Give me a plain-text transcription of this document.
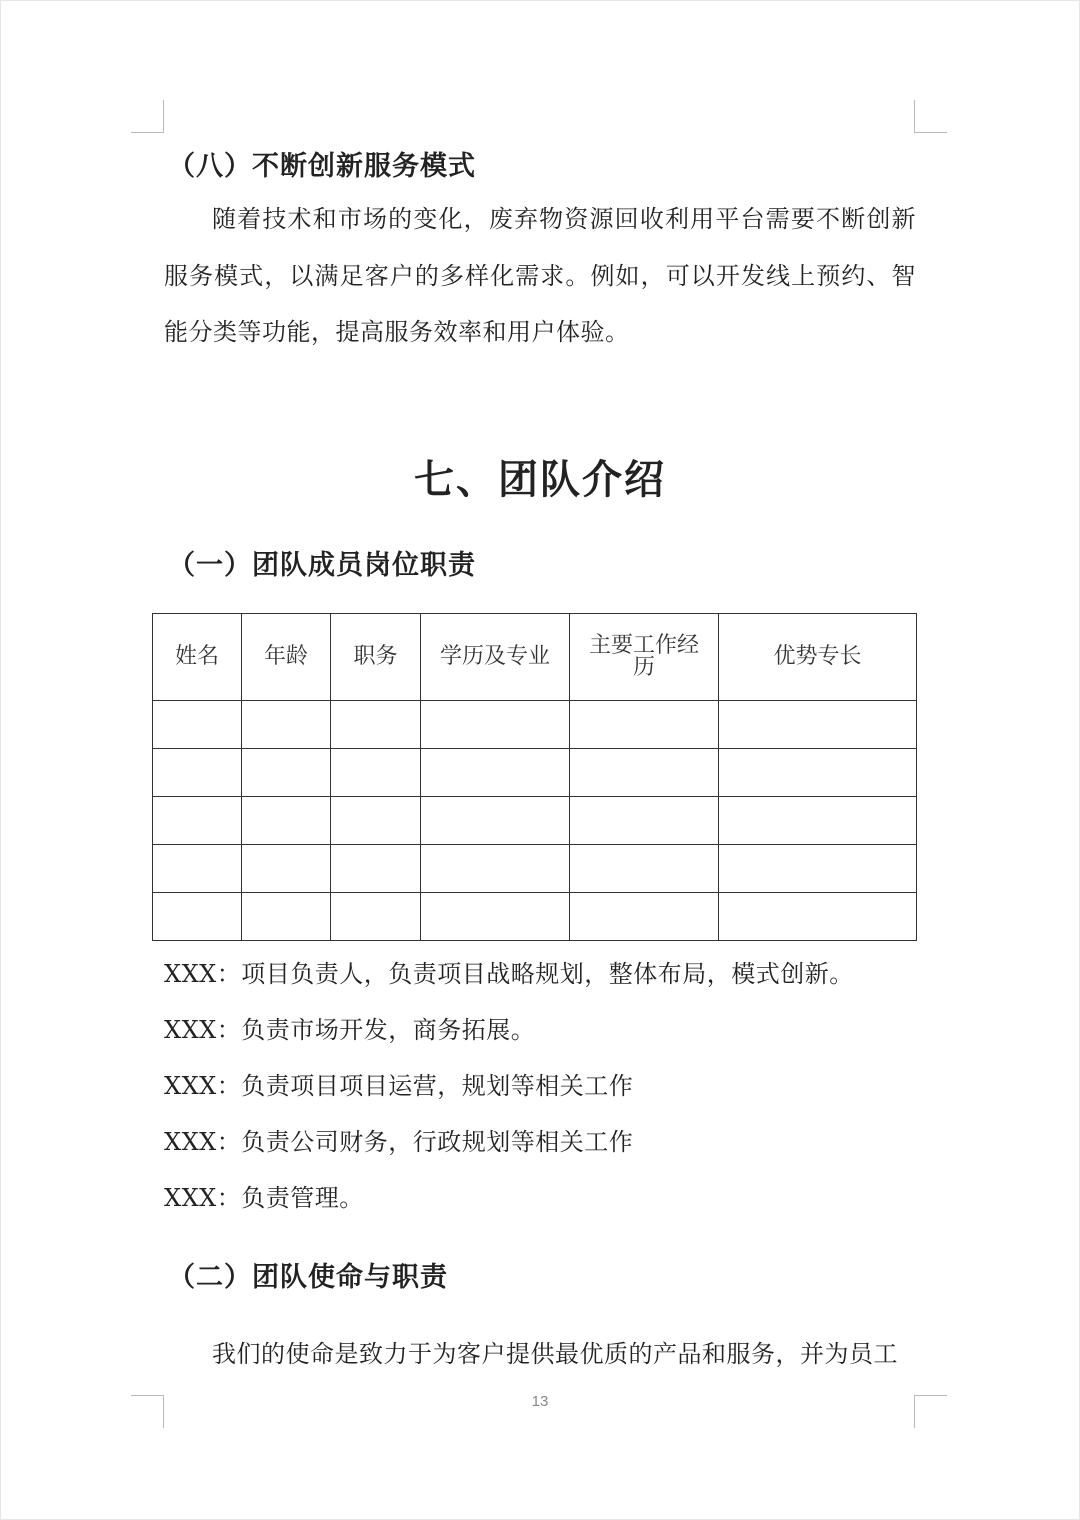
（八）不断创新服务模式
随着技术和市场的变化，废弃物资源回收利用平台需要不断创新服务模式，以满足客户的多样化需求。例如，可以开发线上预约、智能分类等功能，提高服务效率和用户体验。
七、团队介绍
（一）团队成员岗位职责
姓名	年龄	职务	学历及专业	主要工作经历	优势专长

XXX：项目负责人，负责项目战略规划，整体布局，模式创新。
XXX：负责市场开发，商务拓展。
XXX：负责项目项目运营，规划等相关工作
XXX：负责公司财务，行政规划等相关工作
XXX：负责管理。
（二）团队使命与职责
我们的使命是致力于为客户提供最优质的产品和服务，并为员工
13
